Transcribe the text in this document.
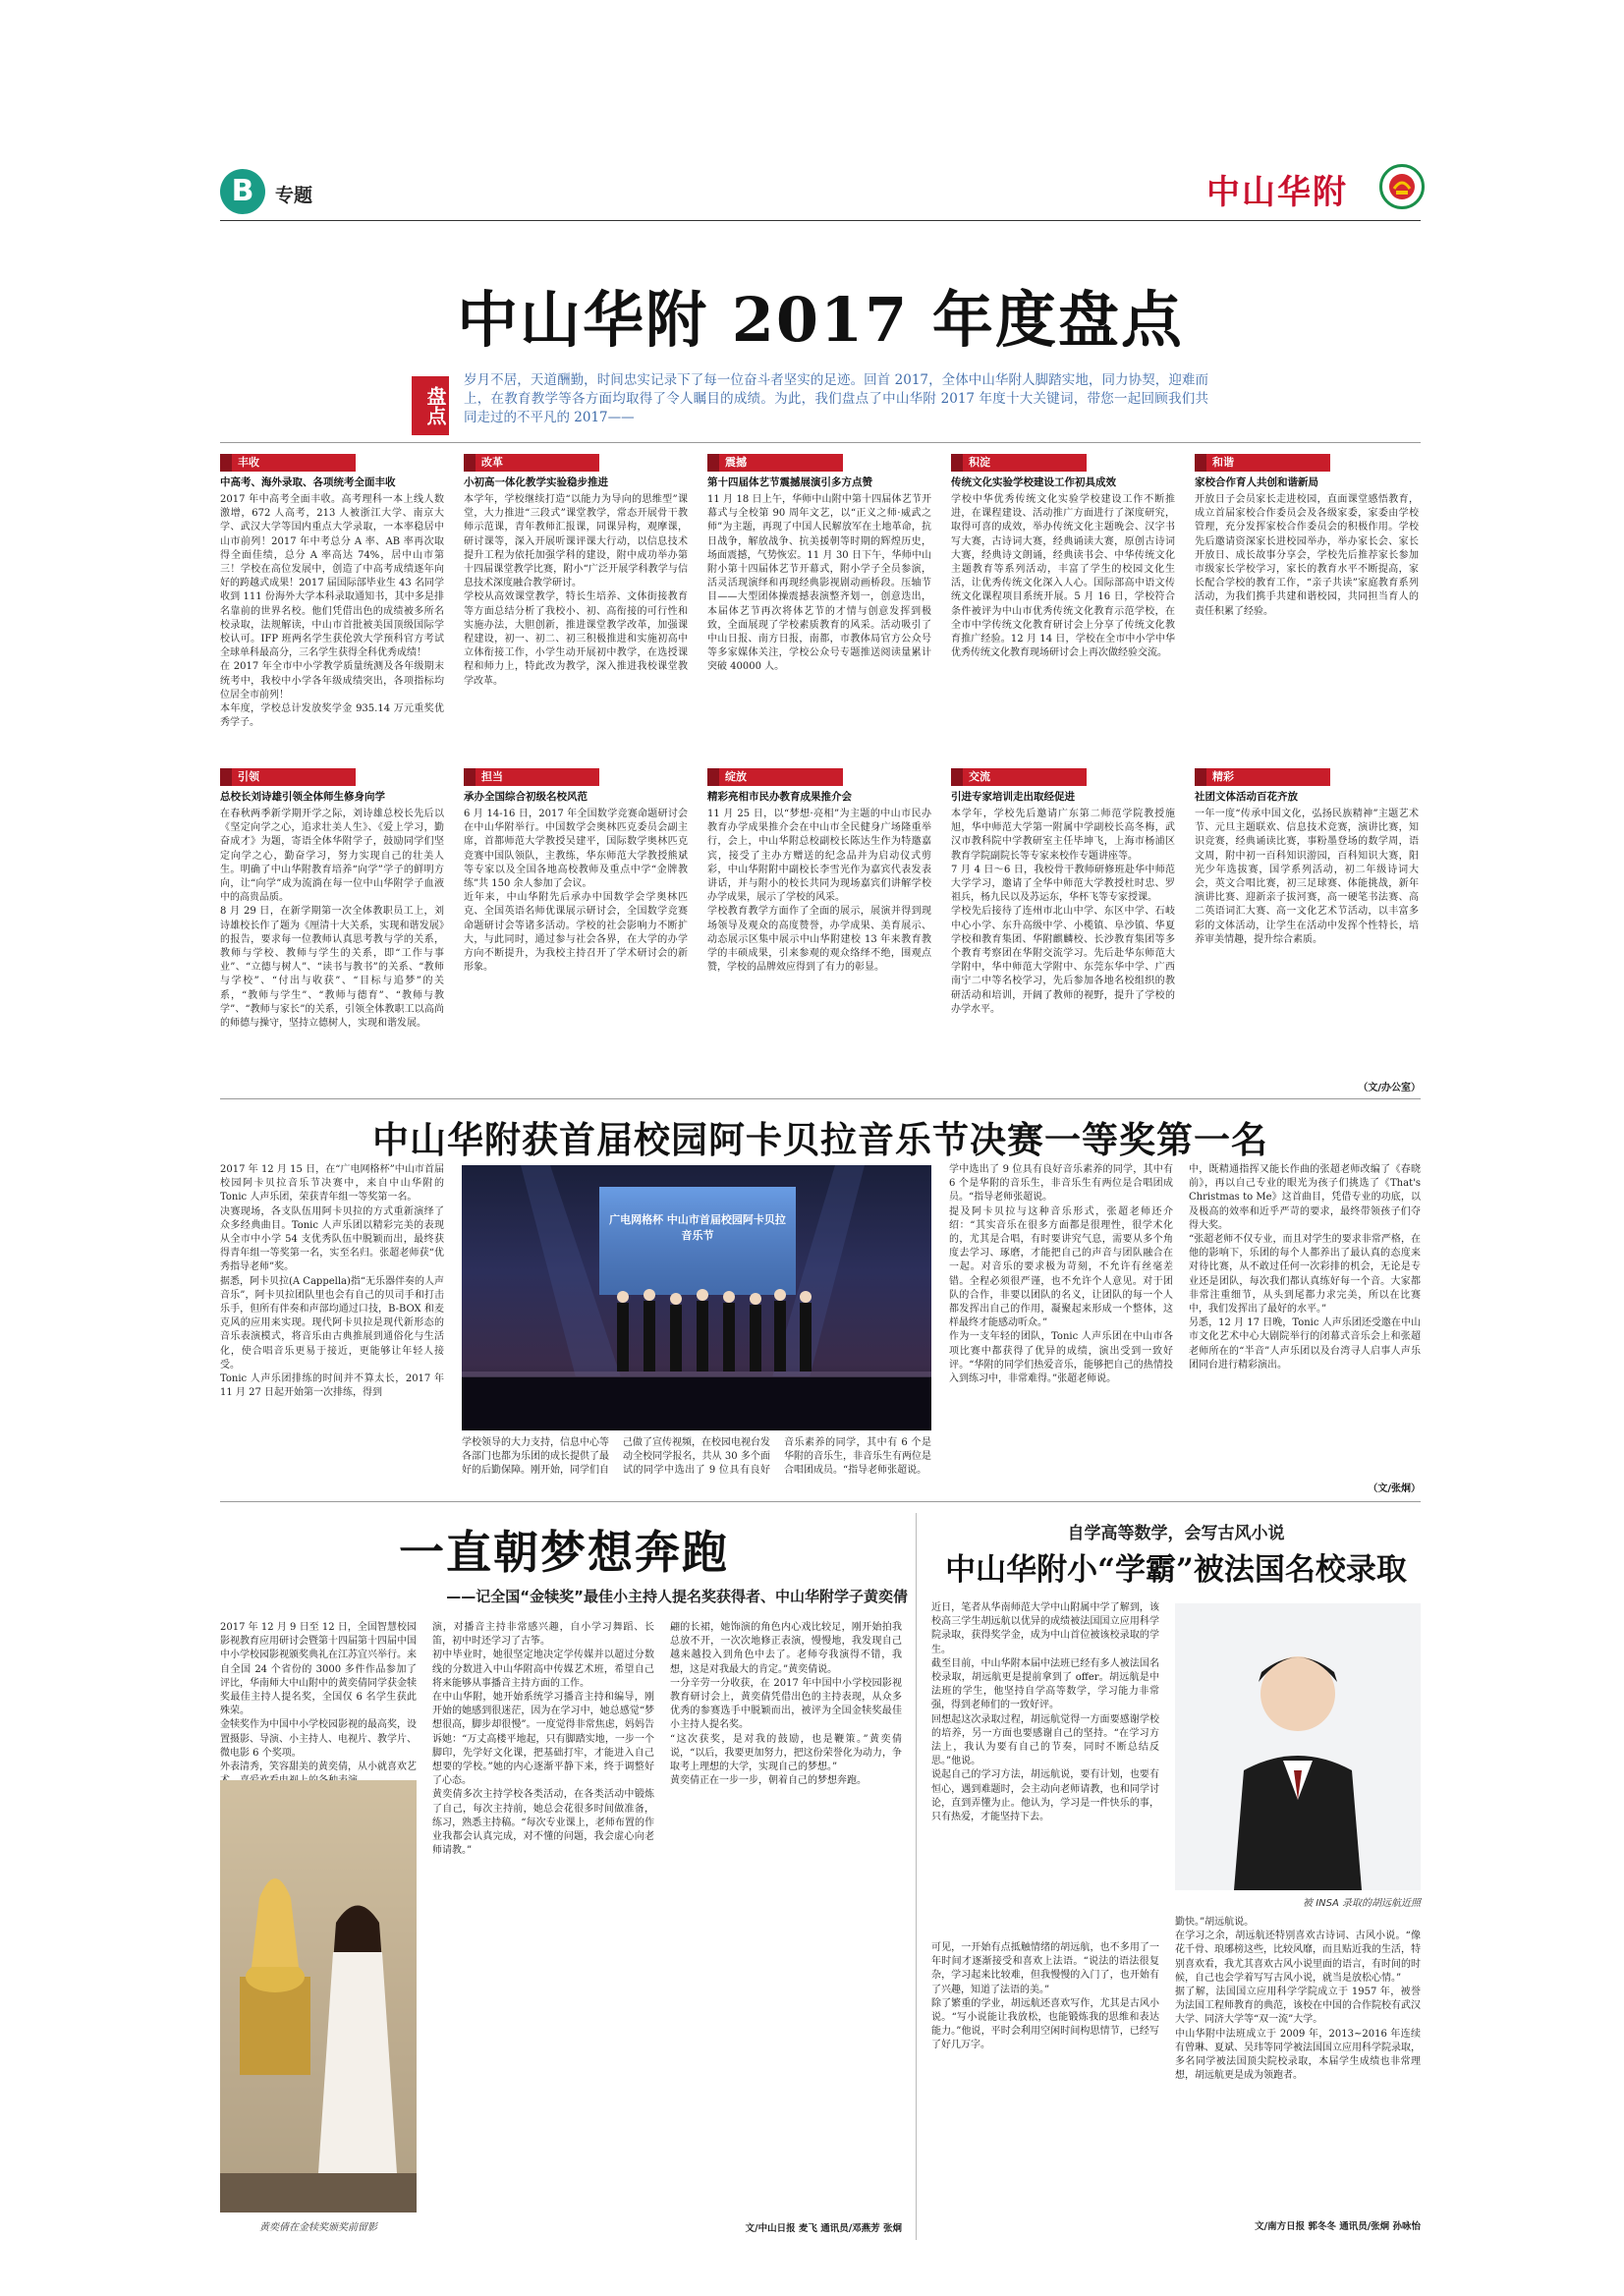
B	专题	中山华附
中山华附 2017 年度盘点
盘点
岁月不居，天道酬勤，时间忠实记录下了每一位奋斗者坚实的足迹。回首 2017，全体中山华附人脚踏实地，同力协契，迎难而上，在教育教学等各方面均取得了令人瞩目的成绩。为此，我们盘点了中山华附 2017 年度十大关键词，带您一起回顾我们共同走过的不平凡的 2017——
丰收
中高考、海外录取、各项统考全面丰收
2017 年中高考全面丰收。高考理科一本上线人数激增，672 人高考，213 人被浙江大学、南京大学、武汉大学等国内重点大学录取，一本率稳居中山市前列！2017 年中考总分 A 率、AB 率再次取得全面佳绩，总分 A 率高达 74%，居中山市第三！学校在高位发展中，创造了中高考成绩逐年向好的跨越式成果！2017 届国际部毕业生 43 名同学收到 111 份海外大学本科录取通知书，其中多是排名靠前的世界名校。他们凭借出色的成绩被多所名校录取，法规解读，中山市首批被美国顶级国际学校认可。IFP 班两名学生获伦敦大学预科官方考试全球单科最高分，三名学生获得全科优秀成绩！
在 2017 年全市中小学教学质量统测及各年级期末统考中，我校中小学各年级成绩突出，各项指标均位居全市前列！
本年度，学校总计发放奖学金 935.14 万元重奖优秀学子。
引领
总校长刘诗雄引领全体师生修身向学
在春秋两季新学期开学之际，刘诗雄总校长先后以《坚定向学之心，追求壮美人生》、《爱上学习，勤奋成才》为题，寄语全体华附学子，鼓励同学们坚定向学之心，勤奋学习，努力实现自己的壮美人生。明确了中山华附教育培养“向学”学子的鲜明方向，让“向学”成为流淌在每一位中山华附学子血液中的高贵品质。
8 月 29 日，在新学期第一次全体教职员工上，刘诗雄校长作了题为《厘清十大关系，实现和谐发展》的报告，要求每一位教师认真思考教与学的关系，教师与学校、教师与学生的关系，即“工作与事业”、“立德与树人”、“读书与教书”的关系、“教师与学校”、“付出与收获”、“目标与追梦”的关系，“教师与学生”、“教师与德育”、“教师与教学”、“教师与家长”的关系，引领全体教职工以高尚的师德与操守，坚持立德树人，实现和谐发展。
改革
小初高一体化教学实验稳步推进
本学年，学校继续打造“以能力为导向的思维型”课堂，大力推进“三段式”课堂教学，常态开展骨干教师示范课，青年教师汇报课，同课异构，观摩课，研讨课等，深入开展听课评课大行动，以信息技术提升工程为依托加强学科的建设，附中成功举办第十四届课堂教学比赛，附小“广泛开展学科教学与信息技术深度融合教学研讨。
学校从高效课堂教学，特长生培养、文体街接教育等方面总结分析了我校小、初、高衔接的可行性和实施办法，大胆创新，推进课堂教学改革，加强课程建设，初一、初二、初三积极推进和实施初高中立体衔接工作，小学生动开展初中教学，在选授课程和师力上，特此改为教学，深入推进我校课堂教学改革。
担当
承办全国综合初级名校风范
6 月 14-16 日，2017 年全国数学竞赛命题研讨会在中山华附举行。中国数学会奥林匹克委员会副主席，首都师范大学教授吴建平，国际数学奥林匹克竞赛中国队领队，主教练，华东师范大学教授熊斌等专家以及全国各地高校教师及重点中学“金牌教练”共 150 余人参加了会议。
近年来，中山华附先后承办中国数学会学奥林匹克、全国英语名师优课展示研讨会，全国数学竞赛命题研讨会等诸多活动。学校的社会影响力不断扩大，与此同时，通过参与社会各界，在大学的办学方向不断提升，为我校主持召开了学术研讨会的新形象。
震撼
第十四届体艺节震撼展演引多方点赞
11 月 18 日上午，华师中山附中第十四届体艺节开幕式与全校第 90 周年文艺，以“正义之师·威武之师”为主题，再现了中国人民解放军在土地革命，抗日战争，解放战争、抗美援朝等时期的辉煌历史，场面震撼，气势恢宏。11 月 30 日下午，华师中山附小第十四届体艺节开幕式，附小学子全员参演，活灵活现演绎和再现经典影视剧动画桥段。压轴节目——大型团体操震撼表演整齐划一，创意迭出，本届体艺节再次将体艺节的才情与创意发挥到极致，全面展现了学校素质教育的风采。活动吸引了中山日报、南方日报，南都，市教体局官方公众号等多家媒体关注，学校公众号专题推送阅读量累计突破 40000 人。
绽放
精彩亮相市民办教育成果推介会
11 月 25 日，以“梦想·亮相”为主题的中山市民办教育办学成果推介会在中山市全民健身广场隆重举行，会上，中山华附总校副校长陈达生作为特邀嘉宾，接受了主办方赠送的纪念品并为启动仪式剪彩，中山华附附中副校长李雪光作为嘉宾代表发表讲话，并与附小的校长共同为现场嘉宾们讲解学校办学成果，展示了学校的风采。
学校教育教学方面作了全面的展示，展演并得到现场领导及观众的高度赞誉，办学成果、美育展示、动态展示区集中展示中山华附建校 13 年来教育教学的丰硕成果，引来参观的观众络绎不绝，围观点赞，学校的品牌效应得到了有力的彰显。
积淀
传统文化实验学校建设工作初具成效
学校中华优秀传统文化实验学校建设工作不断推进，在课程建设、活动推广方面进行了深度研究，取得可喜的成效，举办传统文化主题晚会、汉字书写大赛，古诗词大赛，经典诵读大赛，原创古诗词大赛，经典诗文朗诵，经典读书会、中华传统文化主题教育等系列活动，丰富了学生的校园文化生活，让优秀传统文化深入人心。国际部高中语文传统文化课程项目系统开展。5 月 16 日，学校符合条件被评为中山市优秀传统文化教育示范学校，在全市中学传统文化教育研讨会上分享了传统文化教育推广经验。12 月 14 日，学校在全市中小学中华优秀传统文化教育现场研讨会上再次做经验交流。
交流
引进专家培训走出取经促进
本学年，学校先后邀请广东第二师范学院教授施旭，华中师范大学第一附属中学副校长高冬梅，武汉市教科院中学教研室主任毕坤飞，上海市杨浦区教育学院副院长等专家来校作专题讲座等。
7 月 4 日～6 日，我校骨干教师研修班赴华中师范大学学习，邀请了全华中师范大学教授杜时忠、罗祖兵，杨九民以及苏运东，华杯飞等专家授课。
学校先后接待了连州市北山中学、东区中学、石岐中心小学、东升高级中学、小榄镇、阜沙镇、华夏学校和教育集团、华附麒麟校、长沙教育集团等多个教育考察团在华附交流学习。先后赴华东师范大学附中，华中师范大学附中、东莞东华中学、广西南宁二中等名校学习，先后参加各地名校组织的教研活动和培训，开阔了教师的视野，提升了学校的办学水平。
和谐
家校合作育人共创和谐新局
开放日子会员家长走进校园，直面课堂感悟教育，成立首届家校合作委员会及各级家委，家委由学校管理，充分发挥家校合作委员会的积极作用。学校先后邀请资深家长进校园举办，举办家长会、家长开放日、成长故事分享会，学校先后推荐家长参加市级家长学校学习，家长的教育水平不断提高，家长配合学校的教育工作，“亲子共读”家庭教育系列活动，为我们携手共建和谐校园，共同担当育人的责任积累了经验。
精彩
社团文体活动百花齐放
一年一度“传承中国文化，弘扬民族精神”主题艺术节、元旦主题联欢、信息技术竞赛，演讲比赛，知识竞赛，经典诵读比赛，事粉墨登场的数学周，语文周，附中初一百科知识游园，百科知识大赛，阳光少年选拔赛，国学系列活动，初二年级诗词大会，英文合唱比赛，初三足球赛、体能挑战，新年演讲比赛、迎新亲子拔河赛，高一硬笔书法赛、高二英语词汇大赛、高一文化艺术节活动，以丰富多彩的文体活动，让学生在活动中发挥个性特长，培养审美情趣，提升综合素质。
（文/办公室）
中山华附获首届校园阿卡贝拉音乐节决赛一等奖第一名
2017 年 12 月 15 日，在“广电网格杯”中山市首届校园阿卡贝拉音乐节决赛中，来自中山华附的 Tonic 人声乐团，荣获青年组一等奖第一名。
决赛现场，各支队伍用阿卡贝拉的方式重新演绎了众多经典曲目。Tonic 人声乐团以精彩完美的表现从全市中小学 54 支优秀队伍中脱颖而出，最终获得青年组一等奖第一名，实至名归。张超老师获“优秀指导老师”奖。
据悉，阿卡贝拉(A Cappella)指“无乐器伴奏的人声音乐”，阿卡贝拉团队里也会有自己的贝司手和打击乐手，但所有伴奏和声部均通过口技，B-BOX 和麦克风的应用来实现。现代阿卡贝拉是现代新形态的音乐表演模式，将音乐由古典推展到通俗化与生活化，使合唱音乐更易于接近，更能够让年轻人接受。
Tonic 人声乐团排练的时间并不算太长，2017 年 11 月 27 日起开始第一次排练，得到
广电网格杯 中山市首届校园阿卡贝拉音乐节
学校领导的大力支持，信息中心等各部门也都为乐团的成长提供了最好的后勤保障。刚开始，同学们自己做了宣传视频，在校园电视台发动全校同学报名，共从 30 多个面试的同学中选出了 9 位具有良好音乐素养的同学，其中有 6 个是华附的音乐生，非音乐生有两位是合唱团成员。“指导老师张超说。
学中选出了 9 位具有良好音乐素养的同学，其中有 6 个是华附的音乐生，非音乐生有两位是合唱团成员。“指导老师张超说。
提及阿卡贝拉与这种音乐形式，张超老师还介绍：“其实音乐在很多方面都是很理性，很学术化的，尤其是合唱，有时要讲究气息，需要从多个角度去学习、琢磨，才能把自己的声音与团队融合在一起。对音乐的要求极为苛刻，不允许有丝毫差错。全程必须很严谨，也不允许个人意见。对于团队的合作，非要以团队的名义，让团队的每一个人都发挥出自己的作用，凝聚起来形成一个整体，这样最终才能感动听众。”
作为一支年轻的团队，Tonic 人声乐团在中山市各项比赛中都获得了优异的成绩，演出受到一致好评。“华附的同学们热爱音乐，能够把自己的热情投入到练习中，非常难得。”张超老师说。
中，既精通指挥又能长作曲的张超老师改编了《春晓前》，再以自己专业的眼光为孩子们挑选了《That's Christmas to Me》这首曲目，凭借专业的功底，以及极高的效率和近乎严苛的要求，最终带领孩子们夺得大奖。
“张超老师不仅专业，而且对学生的要求非常严格，在他的影响下，乐团的每个人都养出了最认真的态度来对待比赛，从不敢过任何一次彩排的机会，无论是专业还是团队，每次我们都认真练好每一个音。大家都非常注重细节，从头到尾都力求完美，所以在比赛中，我们发挥出了最好的水平。”
另悉，12 月 17 日晚，Tonic 人声乐团还受邀在中山市文化艺术中心大剧院举行的闭幕式音乐会上和张超老师所在的“半音”人声乐团以及台湾寻人启事人声乐团同台进行精彩演出。
（文/张炯）
一直朝梦想奔跑
——记全国“金犊奖”最佳小主持人提名奖获得者、中山华附学子黄奕倩
2017 年 12 月 9 日至 12 日，全国智慧校园影视教育应用研讨会暨第十四届第十四届中国中小学校园影视颁奖典礼在江苏宜兴举行。来自全国 24 个省份的 3000 多件作品参加了评比，华南师大中山附中的黄奕倩同学获金犊奖最佳主持人提名奖，全国仅 6 名学生获此殊荣。
金犊奖作为中国中小学校园影视的最高奖，设置摄影、导演、小主持人、电视片、教学片、微电影 6 个奖项。
外表清秀，笑容甜美的黄奕倩，从小就喜欢艺
黄奕倩在金犊奖颁奖前留影
演，对播音主持非常感兴趣，自小学习舞蹈、长笛，初中时还学习了古筝。
初中毕业时，她很坚定地决定学传媒并以超过分数线的分数进入中山华附高中传媒艺术班，希望自己将来能够从事播音主持方面的工作。
在中山华附，她开始系统学习播音主持和编导，刚开始的她感到很迷茫，因为在学习中，她总感觉“梦想很高，脚步却很慢”。一度觉得非常焦虑，妈妈告诉她：“万丈高楼平地起，只有脚踏实地，一步一个脚印，先学好文化课，把基础打牢，才能进入自己想要的学校。”她的内心逐渐平静下来，终于调整好了心态。
黄奕倩多次主持学校各类活动，在各类活动中锻炼了自己，每次主持前，她总会花很多时间做准备，练习，熟悉主持稿。“每次专业课上，老师布置的作业我都会认真完成，对不懂的问题，我会虚心向老师请教。”
翩的长裙，她饰演的角色内心戏比较足，刚开始拍我总放不开，一次次地修正表演，慢慢地，我发现自己越来越投入到角色中去了。老师夸我演得不错，我想，这是对我最大的肯定。”黄奕倩说。
一分辛劳一分收获，在 2017 年中国中小学校园影视教育研讨会上，黄奕倩凭借出色的主持表现，从众多优秀的参赛选手中脱颖而出，被评为全国金犊奖最佳小主持人提名奖。
“这次获奖，是对我的鼓励，也是鞭策。”黄奕倩说，“以后，我要更加努力，把这份荣誉化为动力，争取考上理想的大学，实现自己的梦想。”
黄奕倩正在一步一步，朝着自己的梦想奔跑。
文/中山日报 麦飞 通讯员/邓燕芳 张炯
自学高等数学，会写古风小说
中山华附小“学霸”被法国名校录取
近日，笔者从华南师范大学中山附属中学了解到，该校高三学生胡远航以优异的成绩被法国国立应用科学院录取，获得奖学金，成为中山首位被该校录取的学生。
截至目前，中山华附本届中法班已经有多人被法国名校录取，胡远航更是提前拿到了 offer。胡远航是中法班的学生，他坚持自学高等数学，学习能力非常强，得到老师们的一致好评。
回想起这次录取过程，胡远航觉得一方面要感谢学校的培养，另一方面也要感谢自己的坚持。“在学习方法上，我认为要有自己的节奏，同时不断总结反思。”他说。
说起自己的学习方法，胡远航说，要有计划，也要有恒心，遇到难题时，会主动向老师请教，也和同学讨论，直到弄懂为止。他认为，学习是一件快乐的事，只有热爱，才能坚持下去。
可见，一开始有点抵触情绪的胡远航，也不多用了一年时间才逐渐接受和喜欢上法语。“说法的语法很复杂，学习起来比较难，但我慢慢的入门了，也开始有了兴趣，知道了法语的美。”
除了繁重的学业，胡远航还喜欢写作，尤其是古风小说。“写小说能让我放松，也能锻炼我的思维和表达能力。”他说，平时会利用空闲时间构思情节，已经写了好几万字。
被 INSA 录取的胡远航近照
勤快。”胡远航说。
在学习之余，胡远航还特别喜欢古诗词、古风小说。“像花千骨、琅琊榜这些，比较风靡，而且贴近我的生活，特别喜欢看，我尤其喜欢古风小说里面的语言，有时间的时候，自己也会学着写写古风小说，就当是放松心情。”
据了解，法国国立应用科学学院成立于 1957 年，被誉为法国工程师教育的典范，该校在中国的合作院校有武汉大学、同济大学等“双一流”大学。
中山华附中法班成立于 2009 年，2013~2016 年连续有曾琳、夏斌、吴玮等同学被法国国立应用科学院录取，多名同学被法国顶尖院校录取，本届学生成绩也非常理想，胡远航更是成为领跑者。
文/南方日报 郭冬冬 通讯员/张炯 孙咏怡
